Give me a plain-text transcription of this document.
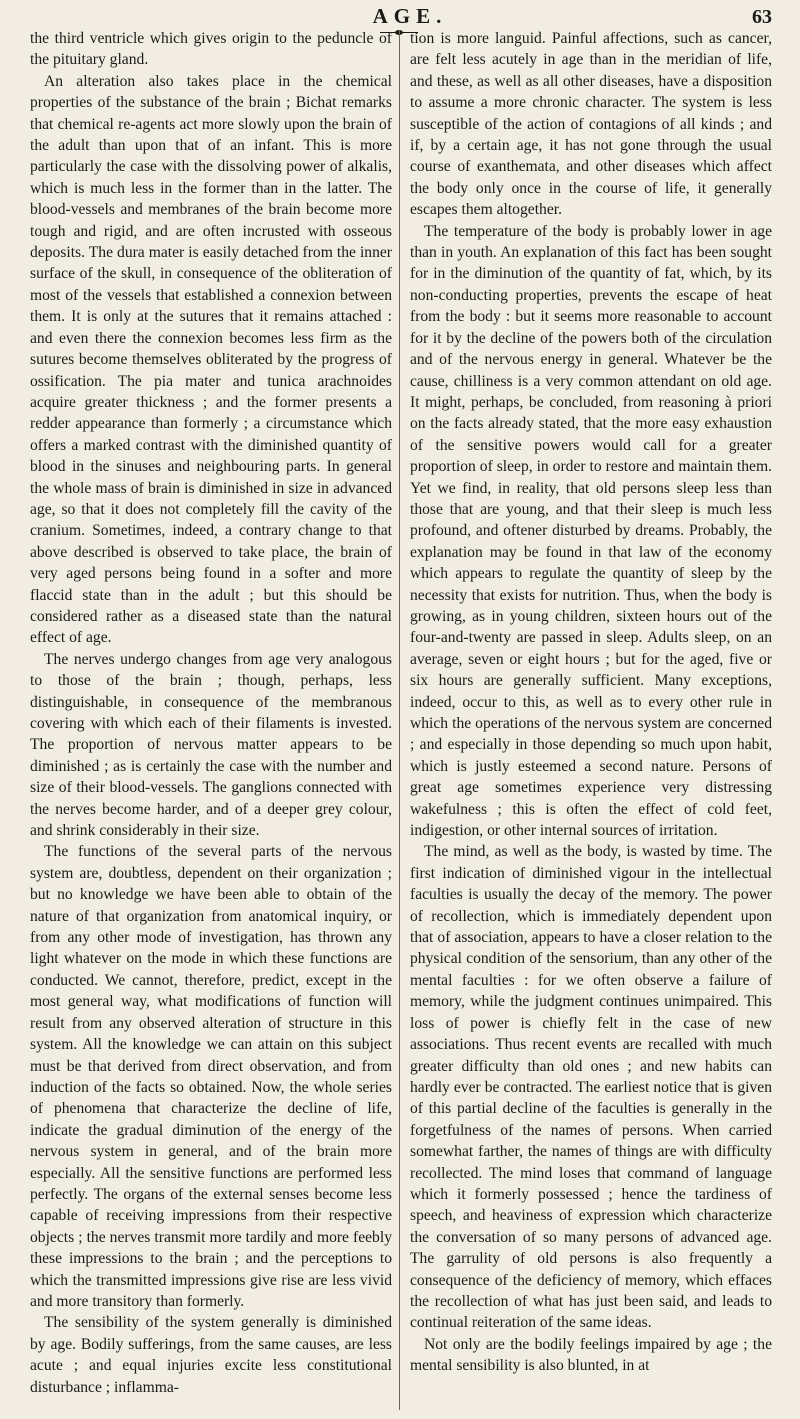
AGE.	63

the third ventricle which gives origin to the peduncle of the pituitary gland.

An alteration also takes place in the chemical properties of the substance of the brain ; Bichat remarks that chemical re-agents act more slowly upon the brain of the adult than upon that of an infant. This is more particularly the case with the dissolving power of alkalis, which is much less in the former than in the latter. The blood-vessels and membranes of the brain become more tough and rigid, and are often incrusted with osseous deposits. The dura mater is easily detached from the inner surface of the skull, in consequence of the obliteration of most of the vessels that established a connexion between them. It is only at the sutures that it remains attached : and even there the connexion becomes less firm as the sutures become themselves obliterated by the progress of ossification. The pia mater and tunica arachnoides acquire greater thickness ; and the former presents a redder appearance than formerly ; a circumstance which offers a marked contrast with the diminished quantity of blood in the sinuses and neighbouring parts. In general the whole mass of brain is diminished in size in advanced age, so that it does not completely fill the cavity of the cranium. Sometimes, indeed, a contrary change to that above described is observed to take place, the brain of very aged persons being found in a softer and more flaccid state than in the adult ; but this should be considered rather as a diseased state than the natural effect of age.

The nerves undergo changes from age very analogous to those of the brain ; though, perhaps, less distinguishable, in consequence of the membranous covering with which each of their filaments is invested. The proportion of nervous matter appears to be diminished ; as is certainly the case with the number and size of their blood-vessels. The ganglions connected with the nerves become harder, and of a deeper grey colour, and shrink considerably in their size.

The functions of the several parts of the nervous system are, doubtless, dependent on their organization ; but no knowledge we have been able to obtain of the nature of that organization from anatomical inquiry, or from any other mode of investigation, has thrown any light whatever on the mode in which these functions are conducted. We cannot, therefore, predict, except in the most general way, what modifications of function will result from any observed alteration of structure in this system. All the knowledge we can attain on this subject must be that derived from direct observation, and from induction of the facts so obtained. Now, the whole series of phenomena that characterize the decline of life, indicate the gradual diminution of the energy of the nervous system in general, and of the brain more especially. All the sensitive functions are performed less perfectly. The organs of the external senses become less capable of receiving impressions from their respective objects ; the nerves transmit more tardily and more feebly these impressions to the brain ; and the perceptions to which the transmitted impressions give rise are less vivid and more transitory than formerly.

The sensibility of the system generally is diminished by age. Bodily sufferings, from the same causes, are less acute ; and equal injuries excite less constitutional disturbance ; inflamma-

tion is more languid. Painful affections, such as cancer, are felt less acutely in age than in the meridian of life, and these, as well as all other diseases, have a disposition to assume a more chronic character. The system is less susceptible of the action of contagions of all kinds ; and if, by a certain age, it has not gone through the usual course of exanthemata, and other diseases which affect the body only once in the course of life, it generally escapes them altogether.

The temperature of the body is probably lower in age than in youth. An explanation of this fact has been sought for in the diminution of the quantity of fat, which, by its non-conducting properties, prevents the escape of heat from the body : but it seems more reasonable to account for it by the decline of the powers both of the circulation and of the nervous energy in general. Whatever be the cause, chilliness is a very common attendant on old age. It might, perhaps, be concluded, from reasoning à priori on the facts already stated, that the more easy exhaustion of the sensitive powers would call for a greater proportion of sleep, in order to restore and maintain them. Yet we find, in reality, that old persons sleep less than those that are young, and that their sleep is much less profound, and oftener disturbed by dreams. Probably, the explanation may be found in that law of the economy which appears to regulate the quantity of sleep by the necessity that exists for nutrition. Thus, when the body is growing, as in young children, sixteen hours out of the four-and-twenty are passed in sleep. Adults sleep, on an average, seven or eight hours ; but for the aged, five or six hours are generally sufficient. Many exceptions, indeed, occur to this, as well as to every other rule in which the operations of the nervous system are concerned ; and especially in those depending so much upon habit, which is justly esteemed a second nature. Persons of great age sometimes experience very distressing wakefulness ; this is often the effect of cold feet, indigestion, or other internal sources of irritation.

The mind, as well as the body, is wasted by time. The first indication of diminished vigour in the intellectual faculties is usually the decay of the memory. The power of recollection, which is immediately dependent upon that of association, appears to have a closer relation to the physical condition of the sensorium, than any other of the mental faculties : for we often observe a failure of memory, while the judgment continues unimpaired. This loss of power is chiefly felt in the case of new associations. Thus recent events are recalled with much greater difficulty than old ones ; and new habits can hardly ever be contracted. The earliest notice that is given of this partial decline of the faculties is generally in the forgetfulness of the names of persons. When carried somewhat farther, the names of things are with difficulty recollected. The mind loses that command of language which it formerly possessed ; hence the tardiness of speech, and heaviness of expression which characterize the conversation of so many persons of advanced age. The garrulity of old persons is also frequently a consequence of the deficiency of memory, which effaces the recollection of what has just been said, and leads to continual reiteration of the same ideas.

Not only are the bodily feelings impaired by age ; the mental sensibility is also blunted, in at
